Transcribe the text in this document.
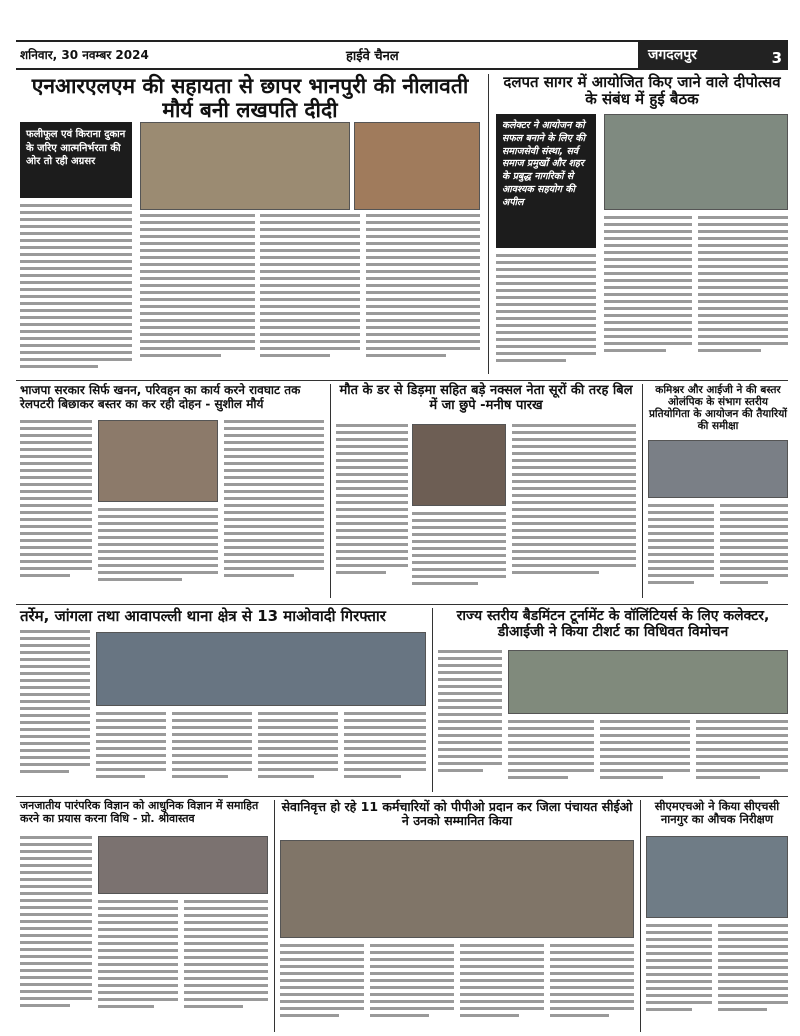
शनिवार, 30 नवम्बर 2024	हाईवे चैनल	जगदलपुर	3
एनआरएलएम की सहायता से छापर भानपुरी की नीलावती मौर्य बनी लखपति दीदी
फलीफूल एवं किराना दुकान के जरिए आत्मनिर्भरता की ओर तो रही अग्रसर
दलपत सागर में आयोजित किए जाने वाले दीपोत्सव के संबंध में हुई बैठक
कलेक्टर ने आयोजन को सफल बनाने के लिए की समाजसेवी संस्था, सर्व समाज प्रमुखों और शहर के प्रबुद्ध नागरिकों से आवश्यक सहयोग की अपील
भाजपा सरकार सिर्फ खनन, परिवहन का कार्य करने रावघाट तक रेलपटरी बिछाकर बस्तर का कर रही दोहन - सुशील मौर्य
मौत के डर से डिड़मा सहित बड़े नक्सल नेता सूरों की तरह बिल में जा छुपे -मनीष पारख
कमिश्नर और आईजी ने की बस्तर ओलंपिक के संभाग स्तरीय प्रतियोगिता के आयोजन की तैयारियों की समीक्षा
तर्रेम, जांगला तथा आवापल्ली थाना क्षेत्र से 13 माओवादी गिरफ्तार	राज्य स्तरीय बैडमिंटन टूर्नामेंट के वॉलिंटियर्स के लिए कलेक्टर, डीआईजी ने किया टीशर्ट का विधिवत विमोचन
जनजातीय पारंपरिक विज्ञान को आधुनिक विज्ञान में समाहित करने का प्रयास करना विधि - प्रो. श्रीवास्तव
सेवानिवृत्त हो रहे 11 कर्मचारियों को पीपीओ प्रदान कर जिला पंचायत सीईओ ने उनको सम्मानित किया
सीएमएचओ ने किया सीएचसी नानगुर का औचक निरीक्षण
